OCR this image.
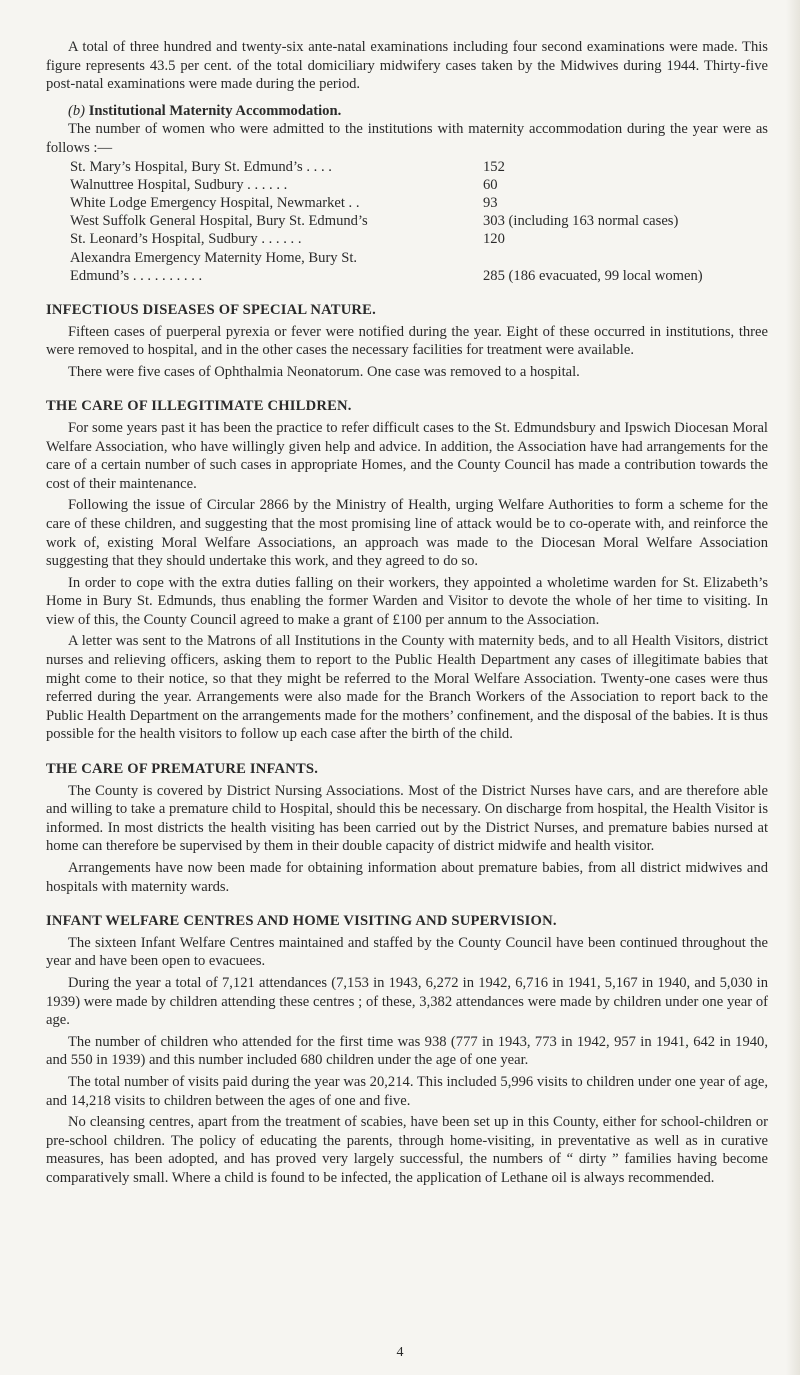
A total of three hundred and twenty-six ante-natal examinations including four second examinations were made. This figure represents 43.5 per cent. of the total domiciliary midwifery cases taken by the Midwives during 1944. Thirty-five post-natal examinations were made during the period.

(b) Institutional Maternity Accommodation.

The number of women who were admitted to the institutions with maternity accommodation during the year were as follows :—

St. Mary’s Hospital, Bury St. Edmund’s . . . .	152
Walnuttree Hospital, Sudbury . . . . . .	60
White Lodge Emergency Hospital, Newmarket . .	93
West Suffolk General Hospital, Bury St. Edmund’s	303 (including 163 normal cases)
St. Leonard’s Hospital, Sudbury . . . . . .	120
Alexandra Emergency Maternity Home, Bury St.	
Edmund’s . . . . . . . . . .	285 (186 evacuated, 99 local women)
INFECTIOUS DISEASES OF SPECIAL NATURE.

Fifteen cases of puerperal pyrexia or fever were notified during the year. Eight of these occurred in institutions, three were removed to hospital, and in the other cases the necessary facilities for treatment were available.

There were five cases of Ophthalmia Neonatorum. One case was removed to a hospital.

THE CARE OF ILLEGITIMATE CHILDREN.

For some years past it has been the practice to refer difficult cases to the St. Edmundsbury and Ipswich Diocesan Moral Welfare Association, who have willingly given help and advice. In addition, the Association have had arrangements for the care of a certain number of such cases in appropriate Homes, and the County Council has made a contribution towards the cost of their maintenance.

Following the issue of Circular 2866 by the Ministry of Health, urging Welfare Authorities to form a scheme for the care of these children, and suggesting that the most promising line of attack would be to co-operate with, and reinforce the work of, existing Moral Welfare Associations, an approach was made to the Diocesan Moral Welfare Association suggesting that they should undertake this work, and they agreed to do so.

In order to cope with the extra duties falling on their workers, they appointed a wholetime warden for St. Elizabeth’s Home in Bury St. Edmunds, thus enabling the former Warden and Visitor to devote the whole of her time to visiting. In view of this, the County Council agreed to make a grant of £100 per annum to the Association.

A letter was sent to the Matrons of all Institutions in the County with maternity beds, and to all Health Visitors, district nurses and relieving officers, asking them to report to the Public Health Department any cases of illegitimate babies that might come to their notice, so that they might be referred to the Moral Welfare Association. Twenty-one cases were thus referred during the year. Arrangements were also made for the Branch Workers of the Association to report back to the Public Health Department on the arrangements made for the mothers’ confinement, and the disposal of the babies. It is thus possible for the health visitors to follow up each case after the birth of the child.

THE CARE OF PREMATURE INFANTS.

The County is covered by District Nursing Associations. Most of the District Nurses have cars, and are therefore able and willing to take a premature child to Hospital, should this be necessary. On discharge from hospital, the Health Visitor is informed. In most districts the health visiting has been carried out by the District Nurses, and premature babies nursed at home can therefore be supervised by them in their double capacity of district midwife and health visitor.

Arrangements have now been made for obtaining information about premature babies, from all district midwives and hospitals with maternity wards.

INFANT WELFARE CENTRES AND HOME VISITING AND SUPERVISION.

The sixteen Infant Welfare Centres maintained and staffed by the County Council have been continued throughout the year and have been open to evacuees.

During the year a total of 7,121 attendances (7,153 in 1943, 6,272 in 1942, 6,716 in 1941, 5,167 in 1940, and 5,030 in 1939) were made by children attending these centres ; of these, 3,382 attendances were made by children under one year of age.

The number of children who attended for the first time was 938 (777 in 1943, 773 in 1942, 957 in 1941, 642 in 1940, and 550 in 1939) and this number included 680 children under the age of one year.

The total number of visits paid during the year was 20,214. This included 5,996 visits to children under one year of age, and 14,218 visits to children between the ages of one and five.

No cleansing centres, apart from the treatment of scabies, have been set up in this County, either for school-children or pre-school children. The policy of educating the parents, through home-visiting, in preventative as well as in curative measures, has been adopted, and has proved very largely successful, the numbers of “ dirty ” families having become comparatively small. Where a child is found to be infected, the application of Lethane oil is always recommended.

4
